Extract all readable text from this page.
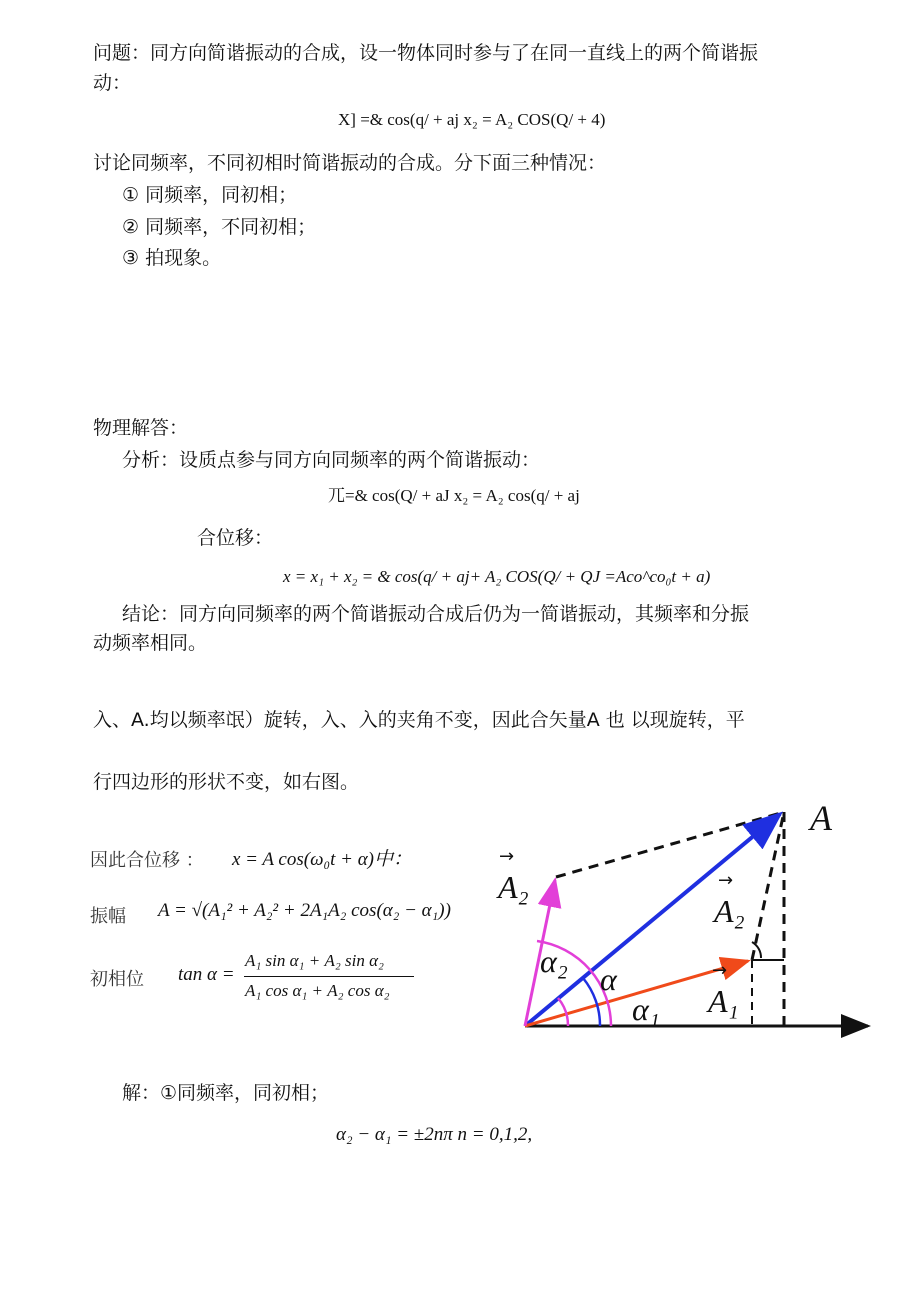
问题：同方向简谐振动的合成，设一物体同时参与了在同一直线上的两个简谐振
动：
X] =& cos(q/ + aj x₂ = A₂ COS(Q/ + 4)
讨论同频率，不同初相时简谐振动的合成。分下面三种情况：
① 同频率，同初相；
② 同频率，不同初相；
③ 拍现象。
物理解答：
分析：设质点参与同方向同频率的两个简谐振动：
兀=& cos(Q/ + aJ x₂ = A₂ cos(q/ + aj
合位移：
x = x₁ + x₂ = & cos(q/ + aj+ A₂ COS(Q/ + QJ =Aco^co₀t + a)
结论：同方向同频率的两个简谐振动合成后仍为一简谐振动，其频率和分振
动频率相同。
入、A.均以频率氓）旋转，入、入的夹角不变，因此合矢量A 也 以现旋转，平
行四边形的形状不变，如右图。
因此合位移 ： x = A cos(ω₀t + α)中：
振幅 A = √(A₁² + A₂² + 2A₁A₂ cos(α₂ − α₁))
初相位 tan α =
A₁ sin α₁ + A₂ sin α₂
A₁ cos α₁ + A₂ cos α₂
A
A₂
→
A₂
→
A₁
→
α₂ α
α₁
解：①同频率，同初相；
α₂ − α₁ = ±2nπ n = 0,1,2,
